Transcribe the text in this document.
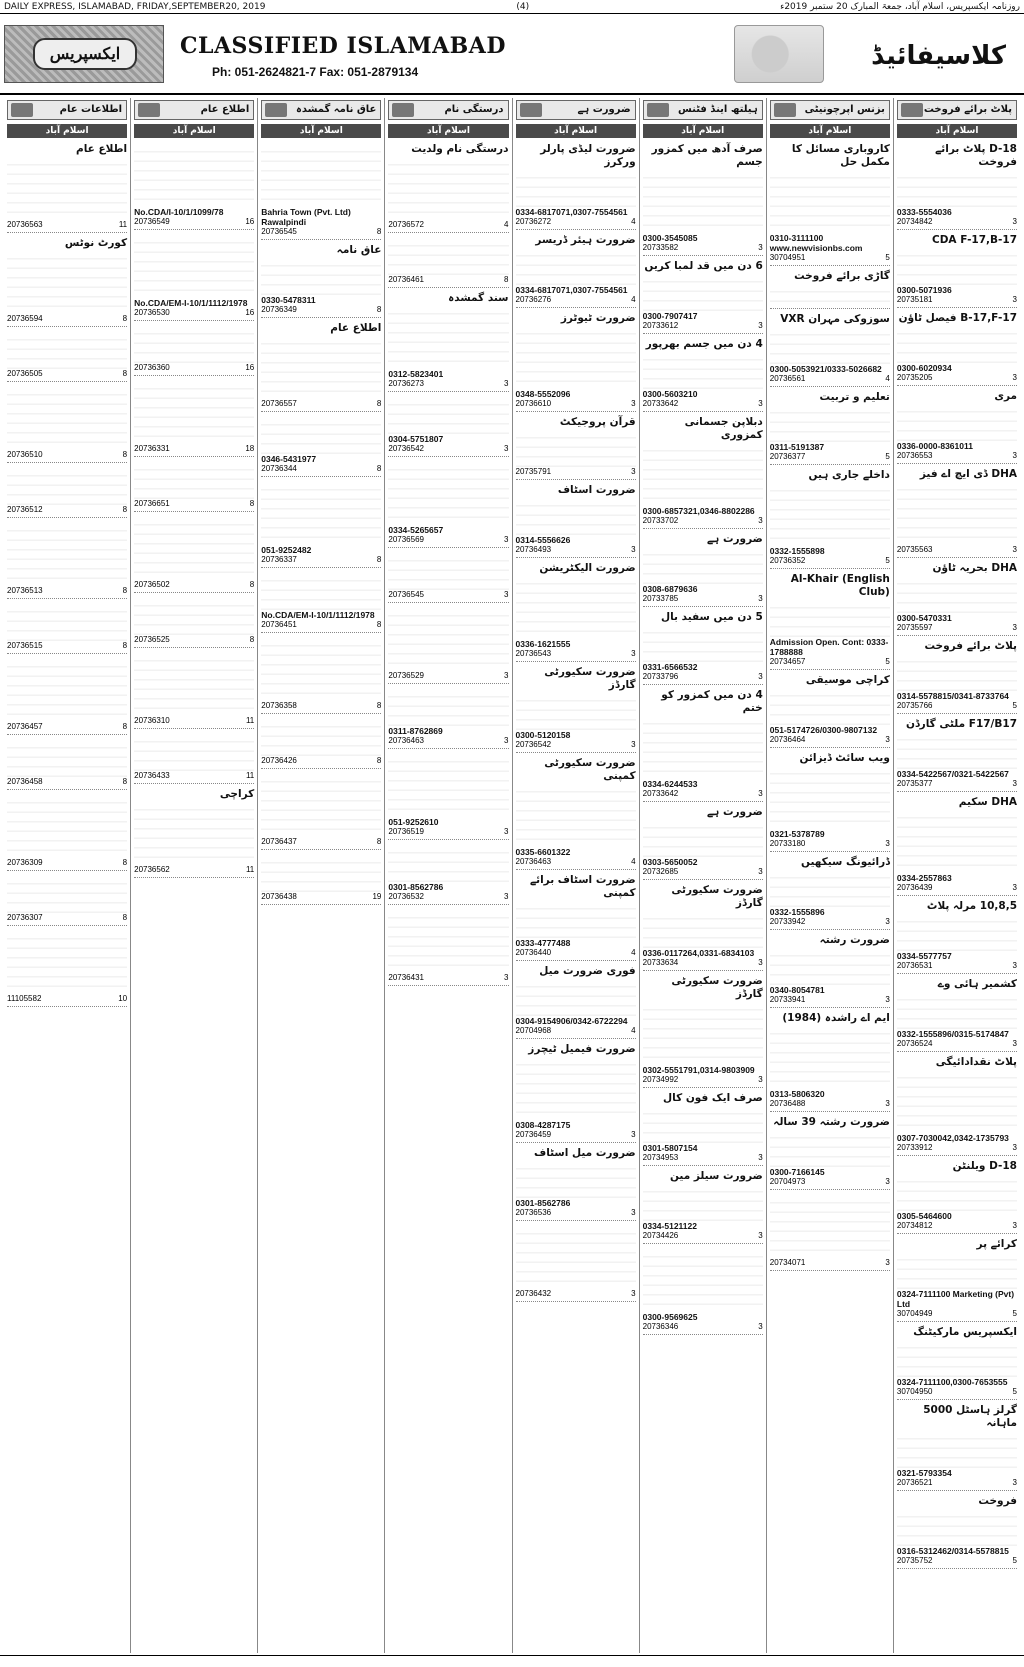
DAILY EXPRESS, ISLAMABAD, FRIDAY,SEPTEMBER20, 2019	(4)	روزنامہ ایکسپریس، اسلام آباد، جمعۃ المبارک 20 ستمبر 2019ء
ایکسپریس	CLASSIFIED ISLAMABAD
Ph: 051-2624821-7 Fax: 051-2879134
کلاسیفائیڈ
اطلاعات عام
اسلام آباد
اطلاع عام
20736563	11
کورٹ نوٹس
20736594	8
20736505	8
20736510	8
20736512	8
20736513	8
20736515	8
20736457	8
20736458	8
20736309	8
20736307	8
11105582	10
اطلاع عام
اسلام آباد
No.CDA/I-10/1/1099/78
20736549	16
No.CDA/EM-I-10/1/1112/1978
20736530	16
20736360	16
20736331	18
20736651	8
20736502	8
20736525	8
20736310	11
20736433	11
کراچی
20736562	11
عاق نامہ گمشدہ
اسلام آباد
Bahria Town (Pvt. Ltd) Rawalpindi
20736545	8
عاق نامہ
0330-5478311
20736349	8
اطلاع عام
20736557	8
0346-5431977
20736344	8
051-9252482
20736337	8
No.CDA/EM-I-10/1/1112/1978
20736451	8
20736358	8
20736426	8
20736437	8
20736438	19
درستگی نام
اسلام آباد
درستگی نام ولدیت
20736572	4
20736461	8
سند گمشدہ
0312-5823401
20736273	3
0304-5751807
20736542	3
0334-5265657
20736569	3
20736545	3
20736529	3
0311-8762869
20736463	3
051-9252610
20736519	3
0301-8562786
20736532	3
20736431	3
ضرورت ہے
اسلام آباد
ضرورت لیڈی پارلر ورکرز
0334-6817071,0307-7554561
20736272	4
ضرورت ہیئر ڈریسر
0334-6817071,0307-7554561
20736276	4
ضرورت ٹیوٹرز
0348-5552096
20736610	3
قرآن پروجیکٹ
20735791	3
ضرورت اسٹاف
0314-5556626
20736493	3
ضرورت الیکٹریشن
0336-1621555
20736543	3
ضرورت سکیورٹی گارڈز
0300-5120158
20736542	3
ضرورت سکیورٹی کمپنی
0335-6601322
20736463	4
ضرورت اسٹاف برائے کمپنی
0333-4777488
20736440	4
فوری ضرورت میل
0304-9154906/0342-6722294
20704968	4
ضرورت فیمیل ٹیچرز
0308-4287175
20736459	3
ضرورت میل اسٹاف
0301-8562786
20736536	3
20736432	3
ہیلتھ اینڈ فٹنس
اسلام آباد
صرف آدھ میں کمزور جسم
0300-3545085
20733582	3
6 دن میں قد لمبا کریں
0300-7907417
20733612	3
4 دن میں جسم بھرپور
0300-5603210
20733642	3
دبلاپن جسمانی کمزوری
0300-6857321,0346-8802286
20733702	3
ضرورت ہے
0308-6879636
20733785	3
5 دن میں سفید بال
0331-6566532
20733796	3
4 دن میں کمزور کو ختم
0334-6244533
20733642	3
ضرورت ہے
0303-5650052
20732685	3
ضرورت سکیورٹی گارڈز
0336-0117264,0331-6834103
20733634	3
ضرورت سکیورٹی گارڈز
0302-5551791,0314-9803909
20734992	3
صرف ایک فون کال
0301-5807154
20734953	3
ضرورت سیلز مین
0334-5121122
20734426	3
0300-9569625
20736346	3
بزنس اپرچونیٹی
اسلام آباد
کاروباری مسائل کا مکمل حل
0310-3111100 www.newvisionbs.com
30704951	5
گاڑی برائے فروخت
سوزوکی مہران VXR
0300-5053921/0333-5026682
20736561	4
تعلیم و تربیت
0311-5191387
20736377	5
داخلے جاری ہیں
0332-1555898
20736352	5
Al-Khair (English Club)
Admission Open. Cont: 0333-1788888
20734657	5
کراچی موسیقی
051-5174726/0300-9807132
20736464	3
ویب سائٹ ڈیزائن
0321-5378789
20733180	3
ڈرائیونگ سیکھیں
0332-1555896
20733942	3
ضرورت رشتہ
0340-8054781
20733941	3
ایم اے راشدہ (1984)
0313-5806320
20736488	3
ضرورت رشتہ 39 سالہ
0300-7166145
20704973	3
20734071	3
پلاٹ برائے فروخت
اسلام آباد
D-18 پلاٹ برائے فروخت
0333-5554036
20734842	3
CDA F-17,B-17
0300-5071936
20735181	3
B-17,F-17 فیصل ٹاؤن
0300-6020934
20735205	3
مری
0336-0000-8361011
20736553	3
DHA ڈی ایچ اے فیز
20735563	3
DHA بحریہ ٹاؤن
0300-5470331
20735597	3
پلاٹ برائے فروخت
0314-5578815/0341-8733764
20735766	5
F17/B17 ملٹی گارڈن
0334-5422567/0321-5422567
20735377	3
DHA سکیم
0334-2557863
20736439	3
10,8,5 مرلہ پلاٹ
0334-5577757
20736531	3
کشمیر ہائی وے
0332-1555896/0315-5174847
20736524	3
پلاٹ نقدادائیگی
0307-7030042,0342-1735793
20733912	3
D-18 ویلنٹن
0305-5464600
20734812	3
کرائے پر
0324-7111100 Marketing (Pvt) Ltd
30704949	5
ایکسپریس مارکیٹنگ
0324-7111100,0300-7653555
30704950	5
گرلز ہاسٹل 5000 ماہانہ
0321-5793354
20736521	3
فروخت
0316-5312462/0314-5578815
20735752	5
